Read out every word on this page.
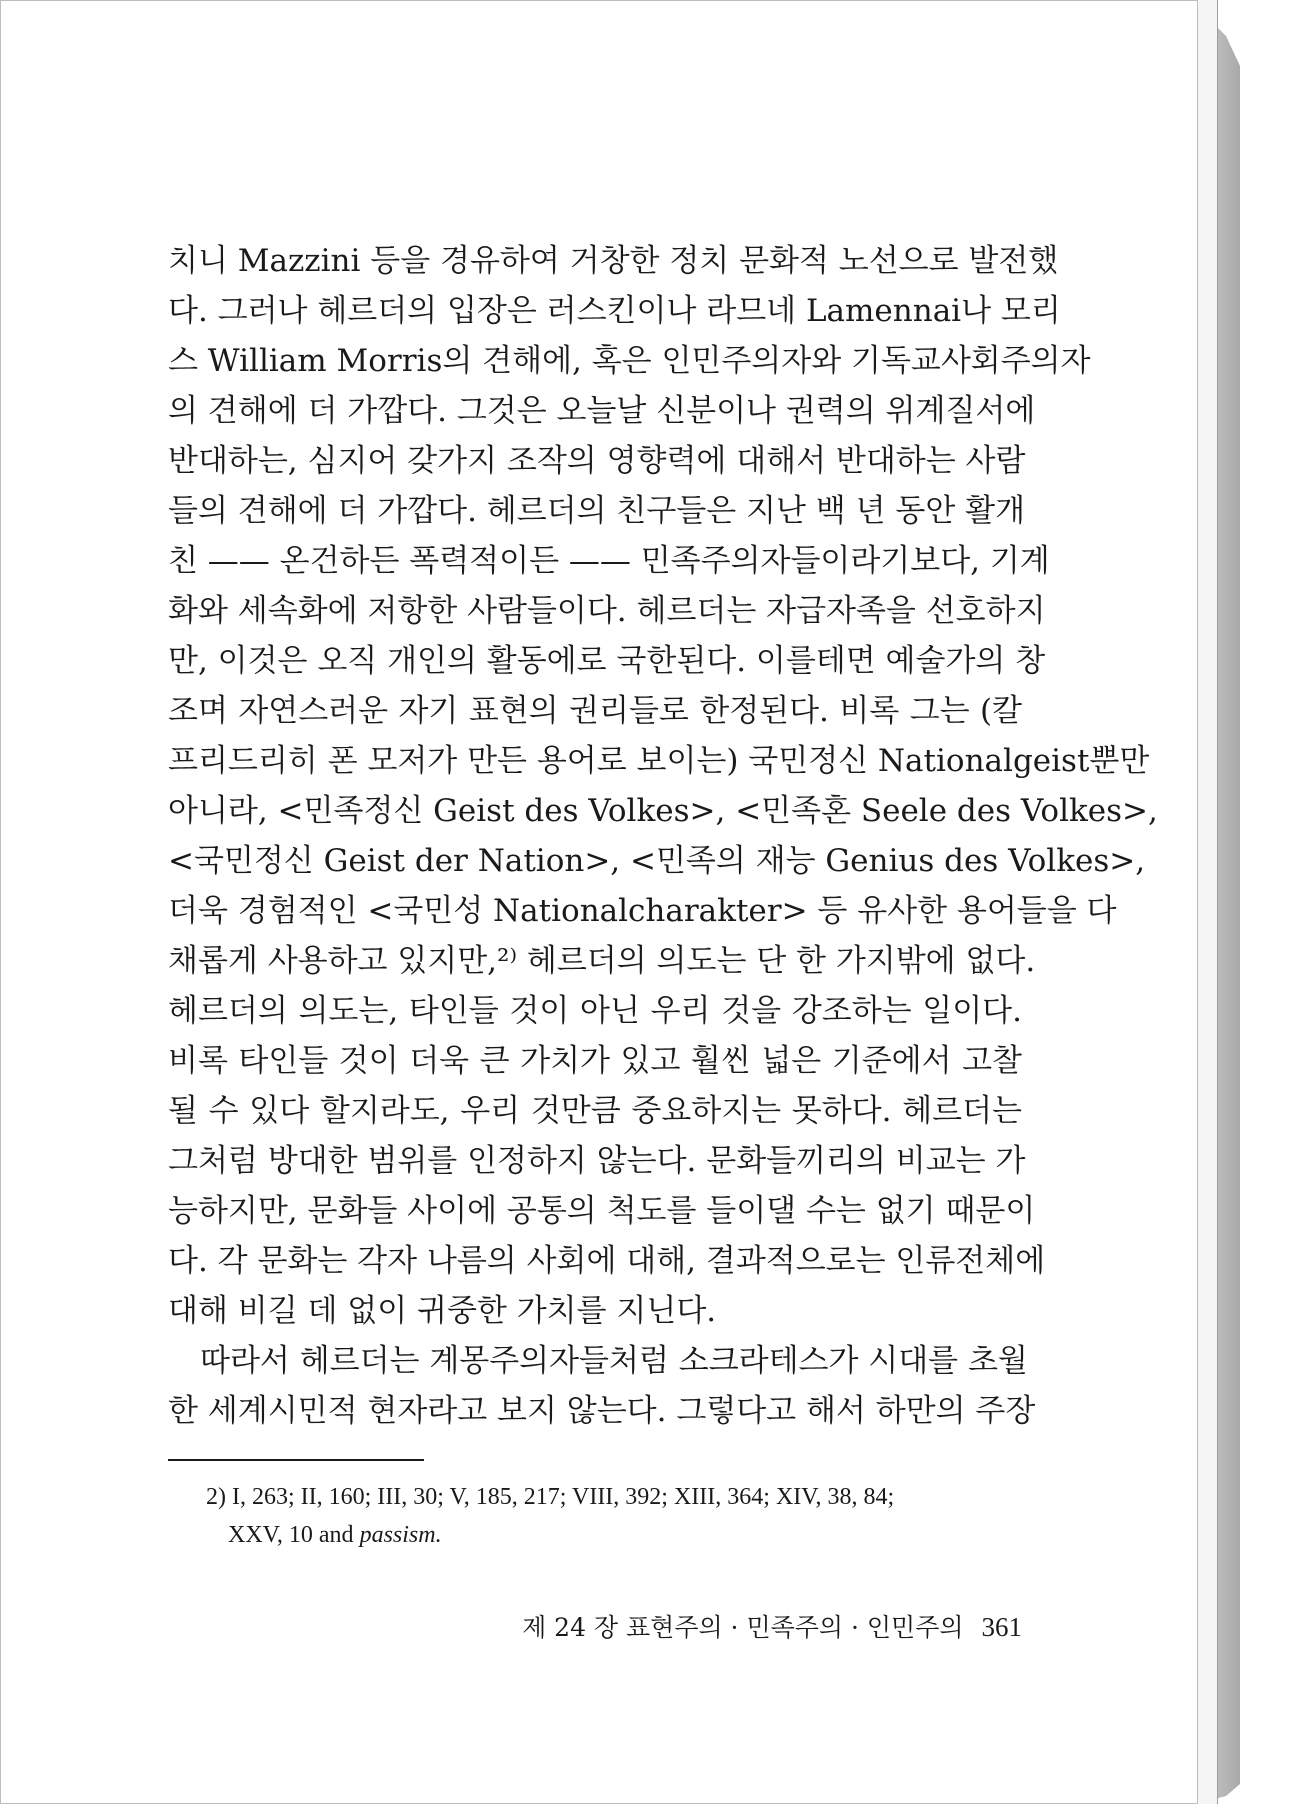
치니 Mazzini 등을 경유하여 거창한 정치 문화적 노선으로 발전했
다. 그러나 헤르더의 입장은 러스킨이나 라므네 Lamennai나 모리
스 William Morris의 견해에, 혹은 인민주의자와 기독교사회주의자
의 견해에 더 가깝다. 그것은 오늘날 신분이나 권력의 위계질서에
반대하는, 심지어 갖가지 조작의 영향력에 대해서 반대하는 사람
들의 견해에 더 가깝다. 헤르더의 친구들은 지난 백 년 동안 활개
친 —— 온건하든 폭력적이든 —— 민족주의자들이라기보다, 기계
화와 세속화에 저항한 사람들이다. 헤르더는 자급자족을 선호하지
만, 이것은 오직 개인의 활동에로 국한된다. 이를테면 예술가의 창
조며 자연스러운 자기 표현의 권리들로 한정된다. 비록 그는 (칼
프리드리히 폰 모저가 만든 용어로 보이는) 국민정신 Nationalgeist뿐만
아니라, <민족정신 Geist des Volkes>, <민족혼 Seele des Volkes>,
<국민정신 Geist der Nation>, <민족의 재능 Genius des Volkes>,
더욱 경험적인 <국민성 Nationalcharakter> 등 유사한 용어들을 다
채롭게 사용하고 있지만,²⁾ 헤르더의 의도는 단 한 가지밖에 없다.
헤르더의 의도는, 타인들 것이 아닌 우리 것을 강조하는 일이다.
비록 타인들 것이 더욱 큰 가치가 있고 훨씬 넓은 기준에서 고찰
될 수 있다 할지라도, 우리 것만큼 중요하지는 못하다. 헤르더는
그처럼 방대한 범위를 인정하지 않는다. 문화들끼리의 비교는 가
능하지만, 문화들 사이에 공통의 척도를 들이댈 수는 없기 때문이
다. 각 문화는 각자 나름의 사회에 대해, 결과적으로는 인류전체에
대해 비길 데 없이 귀중한 가치를 지닌다.
따라서 헤르더는 계몽주의자들처럼 소크라테스가 시대를 초월
한 세계시민적 현자라고 보지 않는다. 그렇다고 해서 하만의 주장
2) I, 263; II, 160; III, 30; V, 185, 217; VIII, 392; XIII, 364; XIV, 38, 84;
XXV, 10 and passism.
제 24 장 표현주의 · 민족주의 · 인민주의 361
